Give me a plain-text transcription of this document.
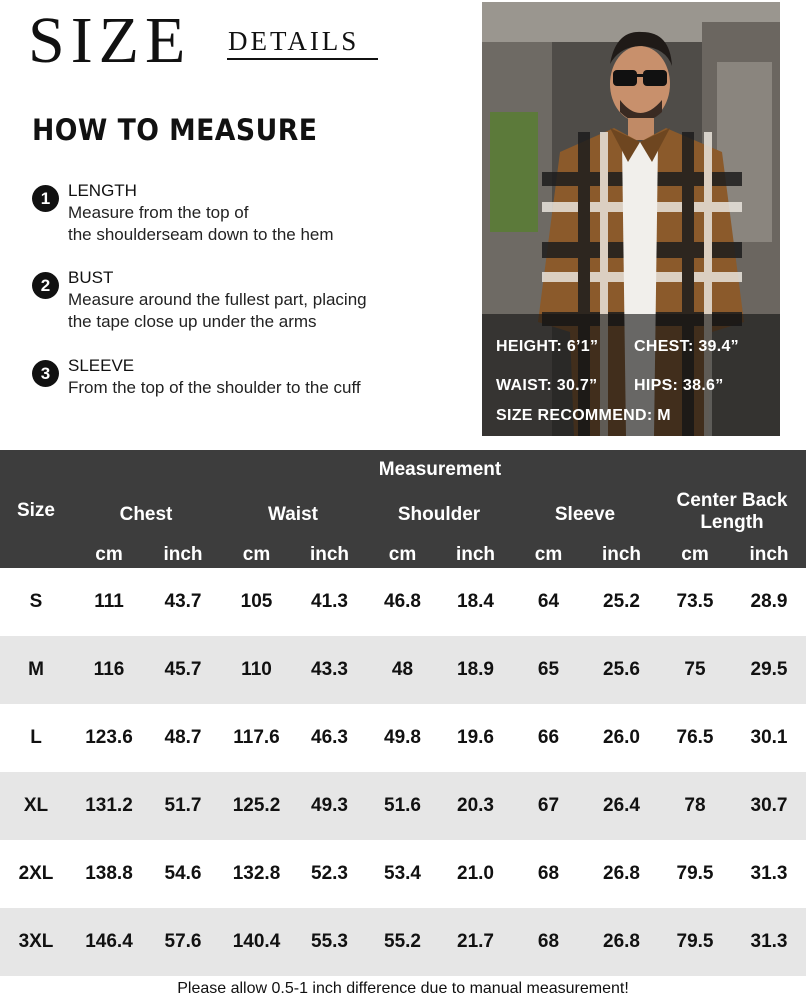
SIZE DETAILS
HOW TO MEASURE
1	LENGTH
Measure from the top of
the shoulderseam down to the hem
2	BUST
Measure around the fullest part, placing
the tape close up under the arms
3	SLEEVE
From the top of the shoulder to the cuff
HEIGHT: 6’1” CHEST: 39.4”
WAIST: 30.7” HIPS: 38.6”
SIZE RECOMMEND: M
Measurement
Size	Chest	Waist	Shoulder	Sleeve
Center Back
Length
cm	inch	cm	inch	cm	inch	cm	inch	cm	inch
S	111	43.7	105	41.3	46.8	18.4	64	25.2	73.5	28.9
M	116	45.7	110	43.3	48	18.9	65	25.6	75	29.5
L	123.6	48.7	117.6	46.3	49.8	19.6	66	26.0	76.5	30.1
XL	131.2	51.7	125.2	49.3	51.6	20.3	67	26.4	78	30.7
2XL	138.8	54.6	132.8	52.3	53.4	21.0	68	26.8	79.5	31.3
3XL	146.4	57.6	140.4	55.3	55.2	21.7	68	26.8	79.5	31.3
Please allow 0.5-1 inch difference due to manual measurement!
